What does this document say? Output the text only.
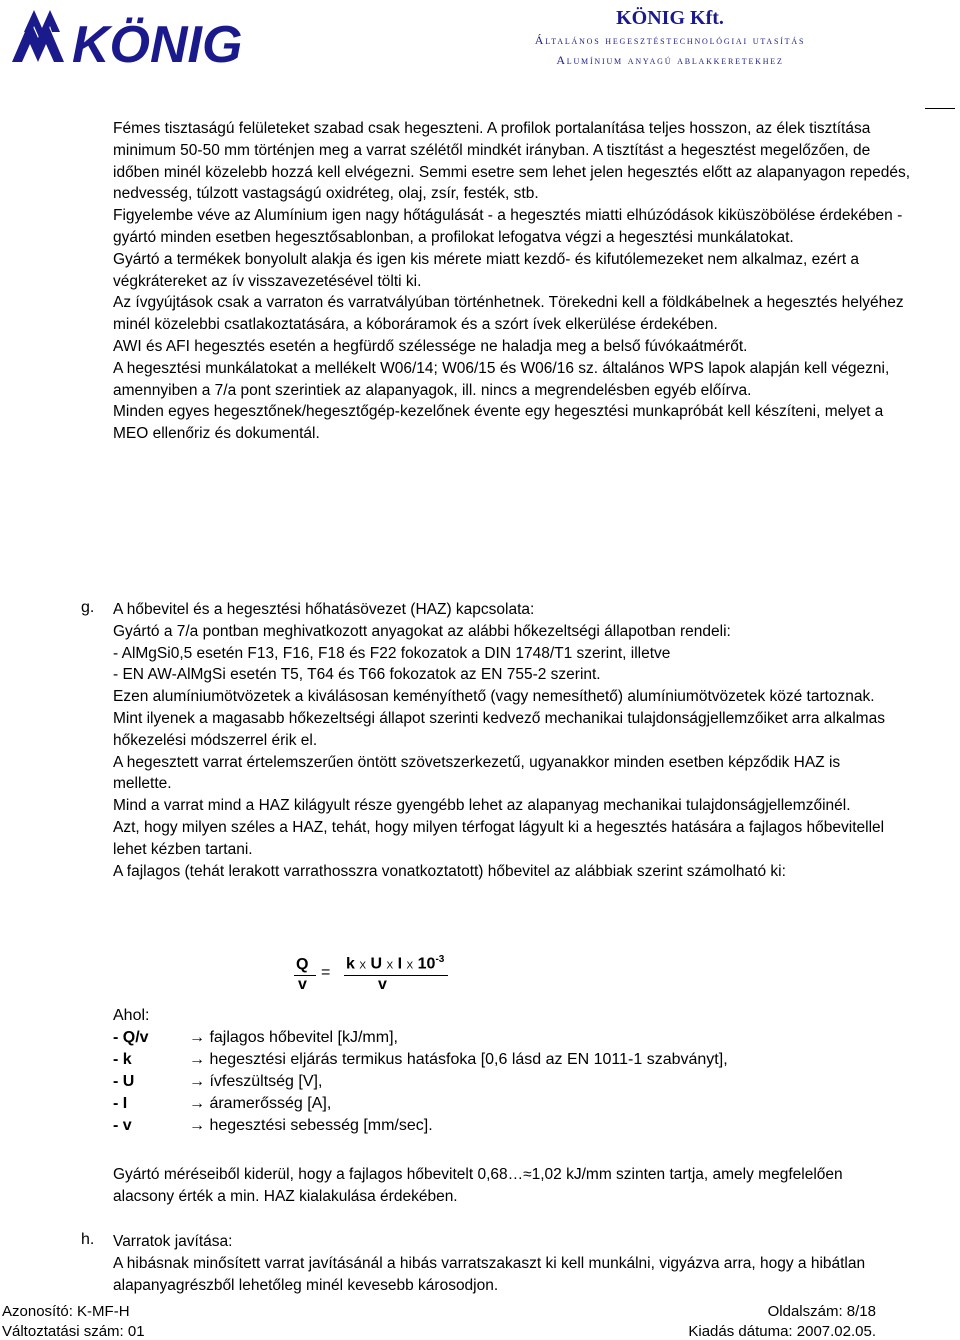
KÖNIG	KÖNIG Kft.
Általános hegesztéstechnológiai utasítás
Alumínium anyagú ablakkeretekhez

Fémes tisztaságú felületeket szabad csak hegeszteni. A profilok portalanítása teljes hosszon, az élek tisztítása minimum 50-50 mm történjen meg a varrat szélétől mindkét irányban. A tisztítást a hegesztést megelőzően, de időben minél közelebb hozzá kell elvégezni. Semmi esetre sem lehet jelen hegesztés előtt az alapanyagon repedés, nedvesség, túlzott vastagságú oxidréteg, olaj, zsír, festék, stb.

Figyelembe véve az Alumínium igen nagy hőtágulását - a hegesztés miatti elhúzódások kiküszöbölése érdekében - gyártó minden esetben hegesztősablonban, a profilokat lefogatva végzi a hegesztési munkálatokat.

Gyártó a termékek bonyolult alakja és igen kis mérete miatt kezdő- és kifutólemezeket nem alkalmaz, ezért a végkrátereket az ív visszavezetésével tölti ki.

Az ívgyújtások csak a varraton és varratvályúban történhetnek. Törekedni kell a földkábelnek a hegesztés helyéhez minél közelebbi csatlakoztatására, a kóboráramok és a szórt ívek elkerülése érdekében.

AWI és AFI hegesztés esetén a hegfürdő szélessége ne haladja meg a belső fúvókaátmérőt.

A hegesztési munkálatokat a mellékelt W06/14; W06/15 és W06/16 sz. általános WPS lapok alapján kell végezni, amennyiben a 7/a pont szerintiek az alapanyagok, ill. nincs a megrendelésben egyéb előírva.

Minden egyes hegesztőnek/hegesztőgép-kezelőnek évente egy hegesztési munkapróbát kell készíteni, melyet a MEO ellenőriz és dokumentál.

g. A hőbevitel és a hegesztési hőhatásövezet (HAZ) kapcsolata:

Gyártó a 7/a pontban meghivatkozott anyagokat az alábbi hőkezeltségi állapotban rendeli:

- AlMgSi0,5 esetén F13, F16, F18 és F22 fokozatok a DIN 1748/T1 szerint, illetve

- EN AW-AlMgSi esetén T5, T64 és T66 fokozatok az EN 755-2 szerint.

Ezen alumíniumötvözetek a kiválásosan keményíthető (vagy nemesíthető) alumíniumötvözetek közé tartoznak. Mint ilyenek a magasabb hőkezeltségi állapot szerinti kedvező mechanikai tulajdonságjellemzőiket arra alkalmas hőkezelési módszerrel érik el.

A hegesztett varrat értelemszerűen öntött szövetszerkezetű, ugyanakkor minden esetben képződik HAZ is mellette.

Mind a varrat mind a HAZ kilágyult része gyengébb lehet az alapanyag mechanikai tulajdonságjellemzőinél.

Azt, hogy milyen széles a HAZ, tehát, hogy milyen térfogat lágyult ki a hegesztés hatására a fajlagos hőbevitellel lehet kézben tartani.

A fajlagos (tehát lerakott varrathosszra vonatkoztatott) hőbevitel az alábbiak szerint számolható ki:

Q
v
=
k X U X I X $10^{-3}$
v
Ahol:
- Q/v	→ fajlagos hőbevitel [kJ/mm],
- k	→ hegesztési eljárás termikus hatásfoka [0,6 lásd az EN 1011-1 szabványt],
- U	→ ívfeszültség [V],
- I	→ áramerősség [A],
- v	→ hegesztési sebesség [mm/sec].
Gyártó méréseiből kiderül, hogy a fajlagos hőbevitelt 0,68…≈1,02 kJ/mm szinten tartja, amely megfelelően alacsony érték a min. HAZ kialakulása érdekében.
h. Varratok javítása:

A hibásnak minősített varrat javításánál a hibás varratszakaszt ki kell munkálni, vigyázva arra, hogy a hibátlan alapanyagrészből lehetőleg minél kevesebb károsodjon.

Azonosító: K-MF-H
Változtatási szám: 01
Oldalszám: 8/18
Kiadás dátuma: 2007.02.05.
